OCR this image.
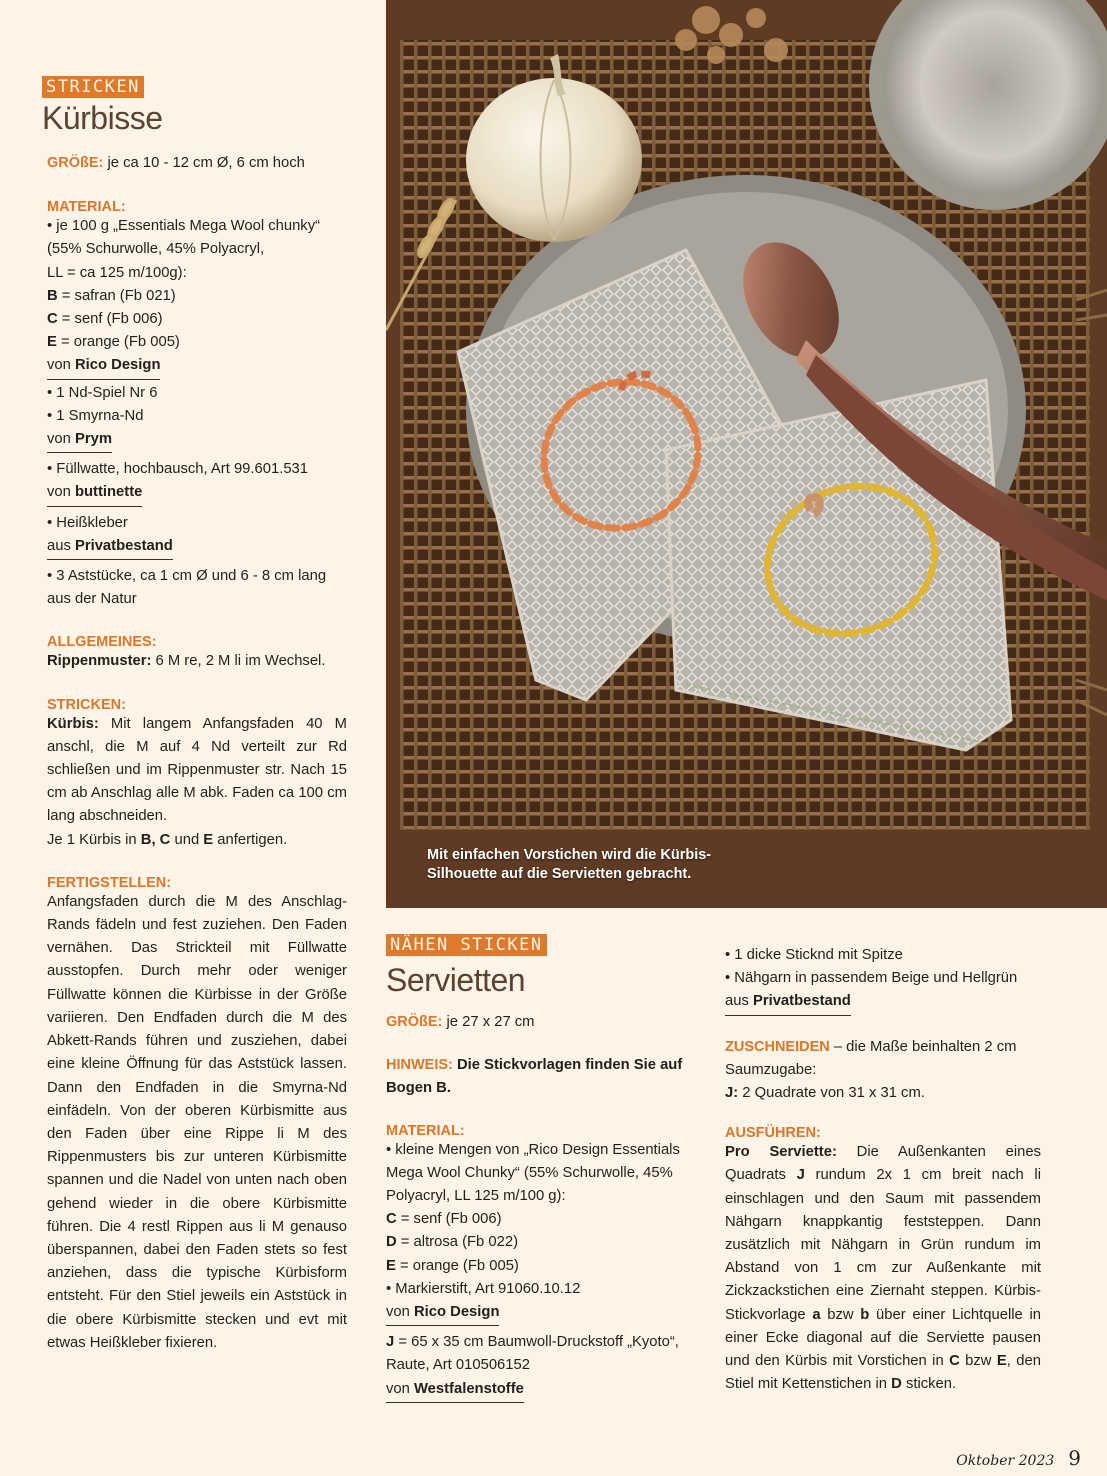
STRICKEN
Kürbisse

GRÖßE: je ca 10 - 12 cm Ø, 6 cm hoch

MATERIAL:

• je 100 g „Essentials Mega Wool chunky“

(55% Schurwolle, 45% Polyacryl,

LL = ca 125 m/100g):

B = safran (Fb 021)

C = senf (Fb 006)

E = orange (Fb 005)

von Rico Design

• 1 Nd-Spiel Nr 6

• 1 Smyrna-Nd

von Prym

• Füllwatte, hochbausch, Art 99.601.531

von buttinette

• Heißkleber

aus Privatbestand

• 3 Aststücke, ca 1 cm Ø und 6 - 8 cm lang

aus der Natur

ALLGEMEINES:

Rippenmuster: 6 M re, 2 M li im Wechsel.

STRICKEN:

Kürbis: Mit langem Anfangsfaden 40 M anschl, die M auf 4 Nd verteilt zur Rd schließen und im Rippenmuster str. Nach 15 cm ab Anschlag alle M abk. Faden ca 100 cm lang abschneiden.

Je 1 Kürbis in B, C und E anfertigen.

FERTIGSTELLEN:

Anfangsfaden durch die M des Anschlag-Rands fädeln und fest zuziehen. Den Faden vernähen. Das Strickteil mit Füllwatte ausstopfen. Durch mehr oder weniger Füllwatte können die Kürbisse in der Größe variieren. Den Endfaden durch die M des Abkett-Rands führen und zusziehen, dabei eine kleine Öffnung für das Aststück lassen. Dann den Endfaden in die Smyrna-Nd einfädeln. Von der oberen Kürbismitte aus den Faden über eine Rippe li M des Rippenmusters bis zur unteren Kürbismitte spannen und die Nadel von unten nach oben gehend wieder in die obere Kürbismitte führen. Die 4 restl Rippen aus li M genauso überspannen, dabei den Faden stets so fest anziehen, dass die typische Kürbisform entsteht. Für den Stiel jeweils ein Aststück in die obere Kürbismitte stecken und evt mit etwas Heißkleber fixieren.

Mit einfachen Vorstichen wird die Kürbis-
Silhouette auf die Servietten gebracht.
NÄHEN STICKEN
Servietten

GRÖßE: je 27 x 27 cm

HINWEIS: Die Stickvorlagen finden Sie auf Bogen B.

MATERIAL:

• kleine Mengen von „Rico Design Essentials Mega Wool Chunky“ (55% Schurwolle, 45% Polyacryl, LL 125 m/100 g):

C = senf (Fb 006)

D = altrosa (Fb 022)

E = orange (Fb 005)

• Markierstift, Art 91060.10.12

von Rico Design

J = 65 x 35 cm Baumwoll-Druckstoff „Kyoto“, Raute, Art 010506152

von Westfalenstoffe

• 1 dicke Sticknd mit Spitze

• Nähgarn in passendem Beige und Hellgrün

aus Privatbestand

ZUSCHNEIDEN – die Maße beinhalten 2 cm Saumzugabe:

J: 2 Quadrate von 31 x 31 cm.

AUSFÜHREN:

Pro Serviette: Die Außenkanten eines Quadrats J rundum 2x 1 cm breit nach li einschlagen und den Saum mit passendem Nähgarn knappkantig feststeppen. Dann zusätzlich mit Nähgarn in Grün rundum im Abstand von 1 cm zur Außenkante mit Zickzackstichen eine Ziernaht steppen. Kürbis-Stickvorlage a bzw b über einer Lichtquelle in einer Ecke diagonal auf die Serviette pausen und den Kürbis mit Vorstichen in C bzw E, den Stiel mit Kettenstichen in D sticken.

Oktober 2023 9
